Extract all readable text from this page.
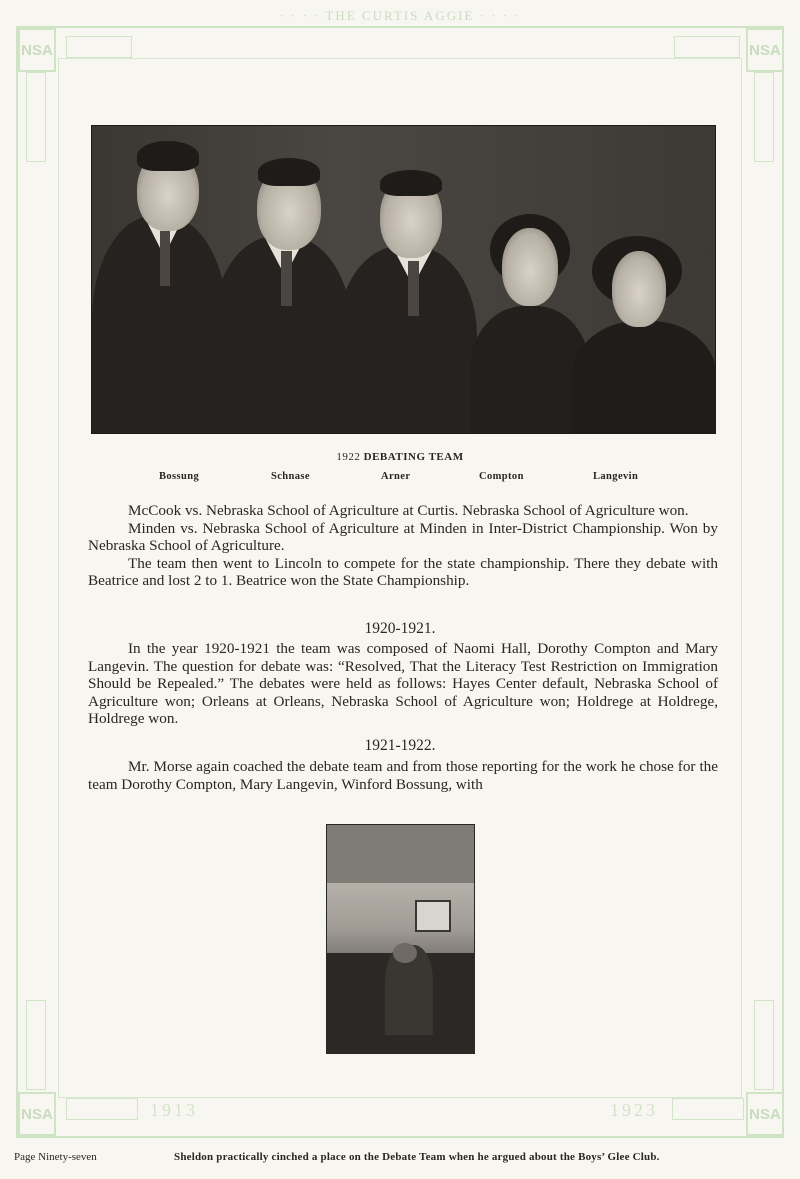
· · · · THE CURTIS AGGIE · · · ·
NSA	NSA
NSA	NSA
1913	1923
1922 DEBATING TEAM
Bossung	Schnase	Arner	Compton	Langevin

McCook vs. Nebraska School of Agriculture at Curtis. Nebraska School of Agriculture won.

Minden vs. Nebraska School of Agriculture at Minden in Inter-District Championship. Won by Nebraska School of Agriculture.

The team then went to Lincoln to compete for the state championship. There they debate with Beatrice and lost 2 to 1. Beatrice won the State Championship.

1920-1921.

In the year 1920-1921 the team was composed of Naomi Hall, Dorothy Compton and Mary Langevin. The question for debate was: “Resolved, That the Literacy Test Restriction on Immigration Should be Repealed.” The debates were held as follows: Hayes Center default, Nebraska School of Agriculture won; Orleans at Orleans, Nebraska School of Agriculture won; Holdrege at Holdrege, Holdrege won.

1921-1922.

Mr. Morse again coached the debate team and from those reporting for the work he chose for the team Dorothy Compton, Mary Langevin, Winford Bossung, with

Page Ninety-seven	Sheldon practically cinched a place on the Debate Team when he argued about the Boys’ Glee Club.
